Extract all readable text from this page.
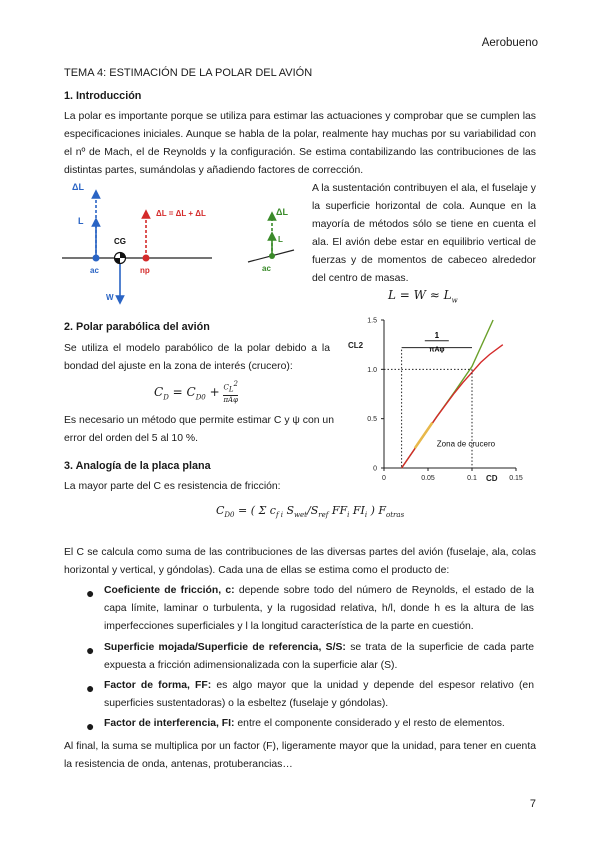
Aerobueno
TEMA 4: ESTIMACIÓN DE LA POLAR DEL AVIÓN
1. Introducción
La polar es importante porque se utiliza para estimar las actuaciones y comprobar que se cumplen las especificaciones iniciales. Aunque se habla de la polar, realmente hay muchas por su variabilidad con el nº de Mach, el de Reynolds y la configuración. Se estima contabilizando las contribuciones de las distintas partes, sumándolas y añadiendo factores de corrección.
ΔL
L
CG
ac	np
W
ΔL = ΔL + ΔL	ΔL
L
ac
A la sustentación contribuyen el ala, el fuselaje y la superficie horizontal de cola. Aunque en la mayoría de métodos sólo se tiene en cuenta el ala. El avión debe estar en equilibrio vertical de fuerzas y de momentos de cabeceo alrededor del centro de masas.
$L = W \approx L_w$
2. Polar parabólica del avión
Se utiliza el modelo parabólico de la polar debido a la bondad del ajuste en la zona de interés (crucero):
$C_D = C_{D0} + C_L^2$
πAφ
Es necesario un método que permite estimar C y ψ con un error del orden del 5 al 10 %.
0	0.05	0.1	0.15
0
0.5
1.0
1.5
CD
CL2
1
πAφ
Zona de crucero
3. Analogía de la placa plana
La mayor parte del C es resistencia de fricción:
$C_{D0}$ = ( Σ $c_{f i}$ $S_{wet}/S_{ref}$ $FF_i$ $FI_i$ ) $F_{otras}$
El C se calcula como suma de las contribuciones de las diversas partes del avión (fuselaje, ala, colas horizontal y vertical, y góndolas). Cada una de ellas se estima como el producto de:
● Coeficiente de fricción, c: depende sobre todo del número de Reynolds, el estado de la capa límite, laminar o turbulenta, y la rugosidad relativa, h/l, donde h es la altura de las imperfecciones superficiales y l la longitud característica de la parte en cuestión.
● Superficie mojada/Superficie de referencia, S/S: se trata de la superficie de cada parte expuesta a fricción adimensionalizada con la superficie alar (S).
● Factor de forma, FF: es algo mayor que la unidad y depende del espesor relativo (en superficies sustentadoras) o la esbeltez (fuselaje y góndolas).
● Factor de interferencia, FI: entre el componente considerado y el resto de elementos.
Al final, la suma se multiplica por un factor (F), ligeramente mayor que la unidad, para tener en cuenta la resistencia de onda, antenas, protuberancias…
7
